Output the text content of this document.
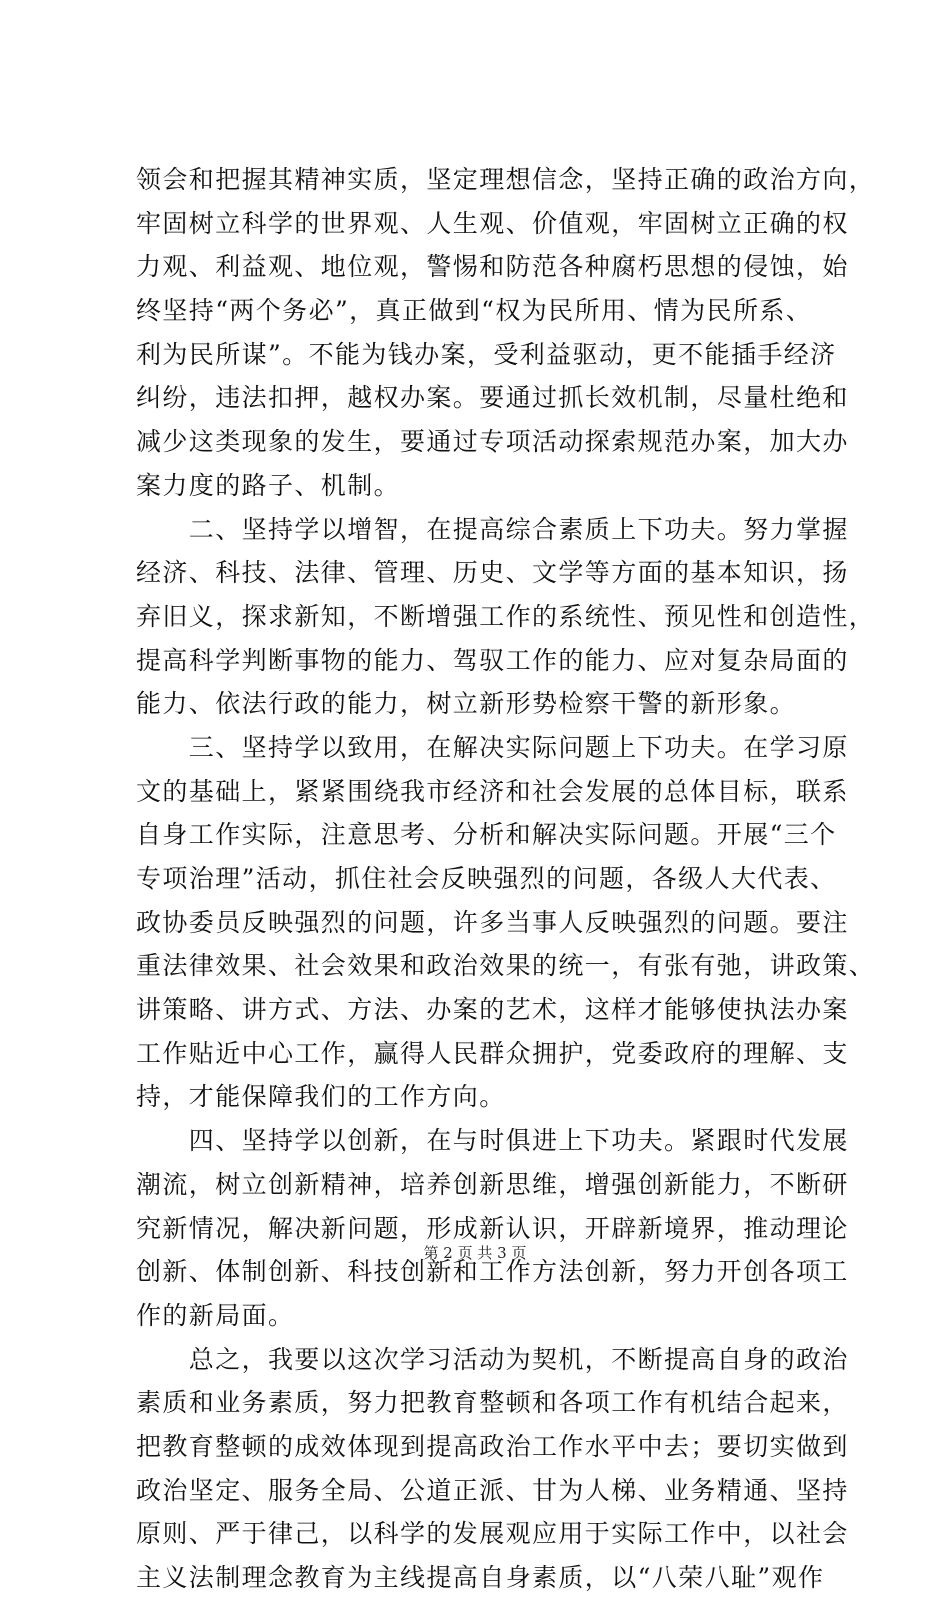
领会和把握其精神实质，坚定理想信念，坚持正确的政治方向，
牢固树立科学的世界观、人生观、价值观，牢固树立正确的权
力观、利益观、地位观，警惕和防范各种腐朽思想的侵蚀，始
终坚持“两个务必”，真正做到“权为民所用、情为民所系、
利为民所谋”。不能为钱办案，受利益驱动，更不能插手经济
纠纷，违法扣押，越权办案。要通过抓长效机制，尽量杜绝和
减少这类现象的发生，要通过专项活动探索规范办案，加大办
案力度的路子、机制。
　　二、坚持学以增智，在提高综合素质上下功夫。努力掌握
经济、科技、法律、管理、历史、文学等方面的基本知识，扬
弃旧义，探求新知，不断增强工作的系统性、预见性和创造性，
提高科学判断事物的能力、驾驭工作的能力、应对复杂局面的
能力、依法行政的能力，树立新形势检察干警的新形象。
　　三、坚持学以致用，在解决实际问题上下功夫。在学习原
文的基础上，紧紧围绕我市经济和社会发展的总体目标，联系
自身工作实际，注意思考、分析和解决实际问题。开展“三个
专项治理”活动，抓住社会反映强烈的问题，各级人大代表、
政协委员反映强烈的问题，许多当事人反映强烈的问题。要注
重法律效果、社会效果和政治效果的统一，有张有弛，讲政策、
讲策略、讲方式、方法、办案的艺术，这样才能够使执法办案
工作贴近中心工作，赢得人民群众拥护，党委政府的理解、支
持，才能保障我们的工作方向。
　　四、坚持学以创新，在与时俱进上下功夫。紧跟时代发展
潮流，树立创新精神，培养创新思维，增强创新能力，不断研
究新情况，解决新问题，形成新认识，开辟新境界，推动理论
创新、体制创新、科技创新和工作方法创新，努力开创各项工
作的新局面。
　　总之，我要以这次学习活动为契机，不断提高自身的政治
素质和业务素质，努力把教育整顿和各项工作有机结合起来，
把教育整顿的成效体现到提高政治工作水平中去；要切实做到
政治坚定、服务全局、公道正派、甘为人梯、业务精通、坚持
原则、严于律己，以科学的发展观应用于实际工作中，以社会
主义法制理念教育为主线提高自身素质，以“八荣八耻”观作
第 2 页 共 3 页
